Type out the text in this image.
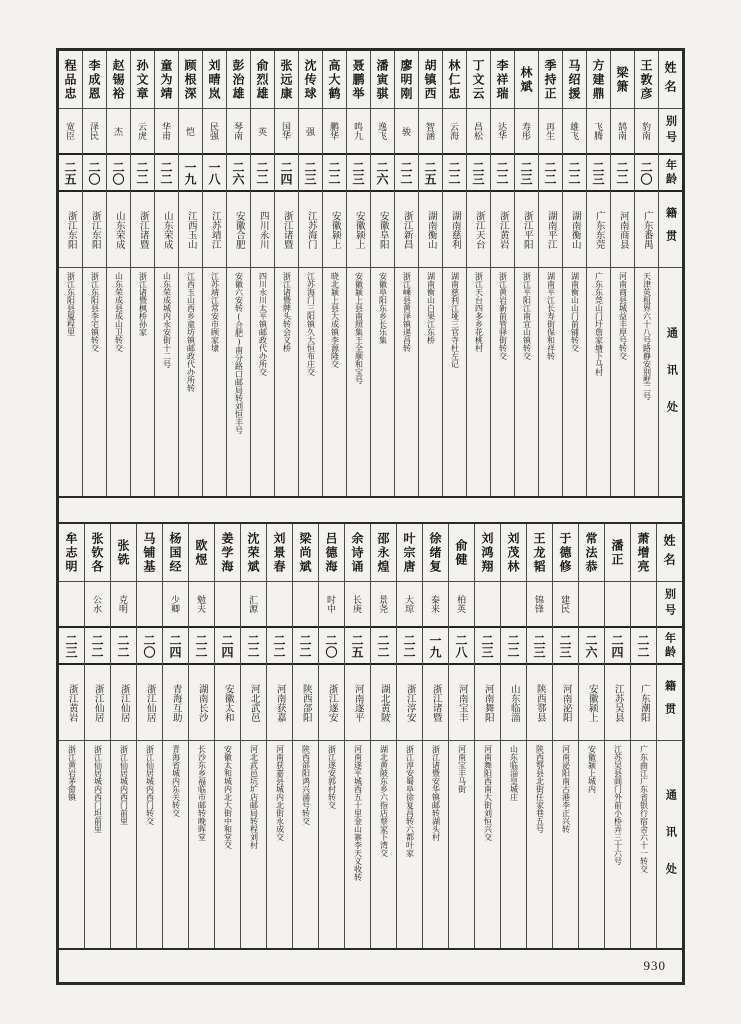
姓名
别号
年龄
籍贯
通讯处
王敦彦
豹南
二〇
广东番禺
天津英租界六十八号路静安别墅二号
梁箫
鹄南
二二
河南商县
河南商县城益丰厚号转交
方建鼎
飞腾
二三
广东东莞
广东东莞山门圩詹家塘下马村
马绍援
雄飞
二二
湖南衡山
湖南衡山山门前铺转交
季持正
再生
二二
湖南平江
湖南平江长寿街保和祥转
林斌
寿彤
二三
浙江平阳
浙江平阳江南宜山镇转交
李祥瑞
达华
二二
浙江黄岩
浙江黄岩新前管驿街转交
丁文云
昌松
二三
浙江天台
浙江天台四多乡花桃村
林仁忠
云海
二二
湖南慈利
湖南慈利江垭三官寺杜左记
胡镇西
智涵
二五
湖南衡山
湖南衡山白果江东桥
廖明刚
骏
二二
浙江新昌
浙江嵊县黄泽镇递昌转
潘寅骐
逸飞
二六
安徽阜阳
安徽阜阳东乡长乐集
聂鹏举
鸣九
二三
安徽颍上
安徽颍上县南照集王全顺和宝号
高大鹤
鹏华
二二
安徽颍上
晓北颍上县大成镇李源隆交
沈传球
强
二三
江苏海门
江苏海门三阳镇久大恒布庄交
张远康
国华
二四
浙江诸暨
浙江诸暨牌头转会义桥
俞烈雄
英
二二
四川永川
四川永川太平镇邮政代办所交
彭治雄
琴南
二六
安徽合肥
安徽六安转(合肥)南分路口邮局转刘恒丰号
刘晴岚
民强
一八
江苏靖江
江苏靖江常安市顾家埭
顾根深
恺
一九
江西玉山
江西玉山西乡童坊镇邮政代办所转
童为靖
华甫
二二
山东荣成
山东荣成城内永安街十二号
孙文章
云虎
二二
浙江诸暨
浙江诸暨枫桥孙家
赵锡裕
杰
二〇
山东荣成
山东荣成县成山卫转交
李成恩
泽民
二〇
浙江东阳
浙江东阳县李宅镇转交
程品忠
宽臣
二五
浙江东阳
浙江东阳县厦程里
姓名
别号
年龄
籍贯
通讯处
萧增亮
二二
广东潮阳
广东曲江广东省银行宿舍六十一转交
潘正
二四
江苏吴县
江苏吴县阊门外前小桥弄三十六号
常法恭
二六
安徽颍上
安徽颍上城内
于德修
建民
二三
河南泌阳
河南泌阳南古港李正兴转
王龙韬
锦锋
二三
陕西鄠县
陕西鄠县北街任家巷五号
刘茂林
二二
山东临淄
山东临淄皇城庄
刘鸿翔
二三
河南舞阳
河南舞阳西南大街刘恒兴交
俞健
柏英
二八
河南宝丰
河南宝丰马街
徐绪复
泰来
一九
浙江诸暨
浙江诸暨安华镇邮转湖头村
叶宗唐
大琼
二二
浙江淳安
浙江淳安蜀阜徐复昌转六都叶家
邵永煌
景尧
二二
湖北黄陂
湖北黄陂东乡六指店蔡家下湾交
余诗诵
长庚
二五
河南遂平
河南遂平城西五十里金山寨李天义收转
吕德海
时中
二〇
浙江遂安
浙江遂安郭村转交
梁尚斌
二二
陕西郃阳
陕西郃阳鸿兴涌号转交
刘景春
二二
河南获嘉
河南获嘉县城内北街永成交
沈荣斌
汇源
二二
河北武邑
河北武邑坑圹店邮局转程刘村
姜学海
二四
安徽太和
安徽太和城内北大街中和堂交
欧煜
勉夫
二二
湖南长沙
长沙东乡福临市邮转晚晖堂
杨国经
少卿
二四
青海互助
青海省城内东关转交
马铺基
二〇
浙江仙居
浙江仙居城内西门转交
张铣
克明
二二
浙江仙居
浙江仙居城内西门前里
张钦各
公水
二二
浙江仙居
浙江仙居城内西门坦前里
牟志明
二三
浙江黄岩
浙江黄岩茅畲镇
930
